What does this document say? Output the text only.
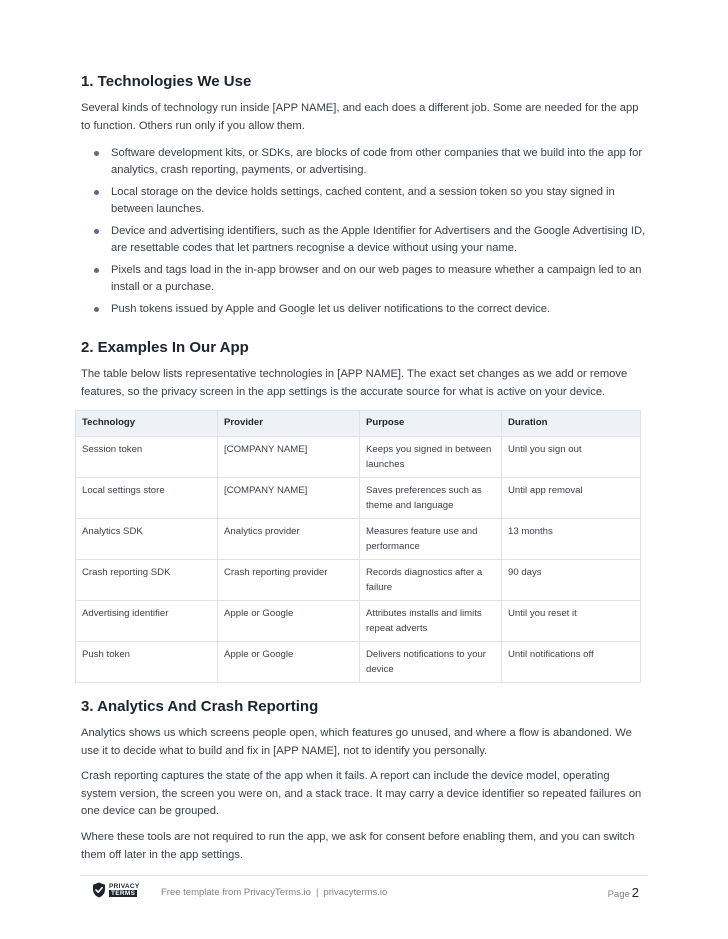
1. Technologies We Use

Several kinds of technology run inside [APP NAME], and each does a different job. Some are needed for the app to function. Others run only if you allow them.

Software development kits, or SDKs, are blocks of code from other companies that we build into the app for analytics, crash reporting, payments, or advertising.
Local storage on the device holds settings, cached content, and a session token so you stay signed in between launches.
Device and advertising identifiers, such as the Apple Identifier for Advertisers and the Google Advertising ID, are resettable codes that let partners recognise a device without using your name.
Pixels and tags load in the in-app browser and on our web pages to measure whether a campaign led to an install or a purchase.
Push tokens issued by Apple and Google let us deliver notifications to the correct device.
2. Examples In Our App

The table below lists representative technologies in [APP NAME]. The exact set changes as we add or remove features, so the privacy screen in the app settings is the accurate source for what is active on your device.

Technology	Provider	Purpose	Duration
Session token	[COMPANY NAME]	Keeps you signed in between launches	Until you sign out
Local settings store	[COMPANY NAME]	Saves preferences such as theme and language	Until app removal
Analytics SDK	Analytics provider	Measures feature use and performance	13 months
Crash reporting SDK	Crash reporting provider	Records diagnostics after a failure	90 days
Advertising identifier	Apple or Google	Attributes installs and limits repeat adverts	Until you reset it
Push token	Apple or Google	Delivers notifications to your device	Until notifications off
3. Analytics And Crash Reporting

Analytics shows us which screens people open, which features go unused, and where a flow is abandoned. We use it to decide what to build and fix in [APP NAME], not to identify you personally.

Crash reporting captures the state of the app when it fails. A report can include the device model, operating system version, the screen you were on, and a stack trace. It may carry a device identifier so repeated failures on one device can be grouped.

Where these tools are not required to run the app, we ask for consent before enabling them, and you can switch them off later in the app settings.

PRIVACY
TERMS	Free template from PrivacyTerms.io | privacyterms.io	Page 2
